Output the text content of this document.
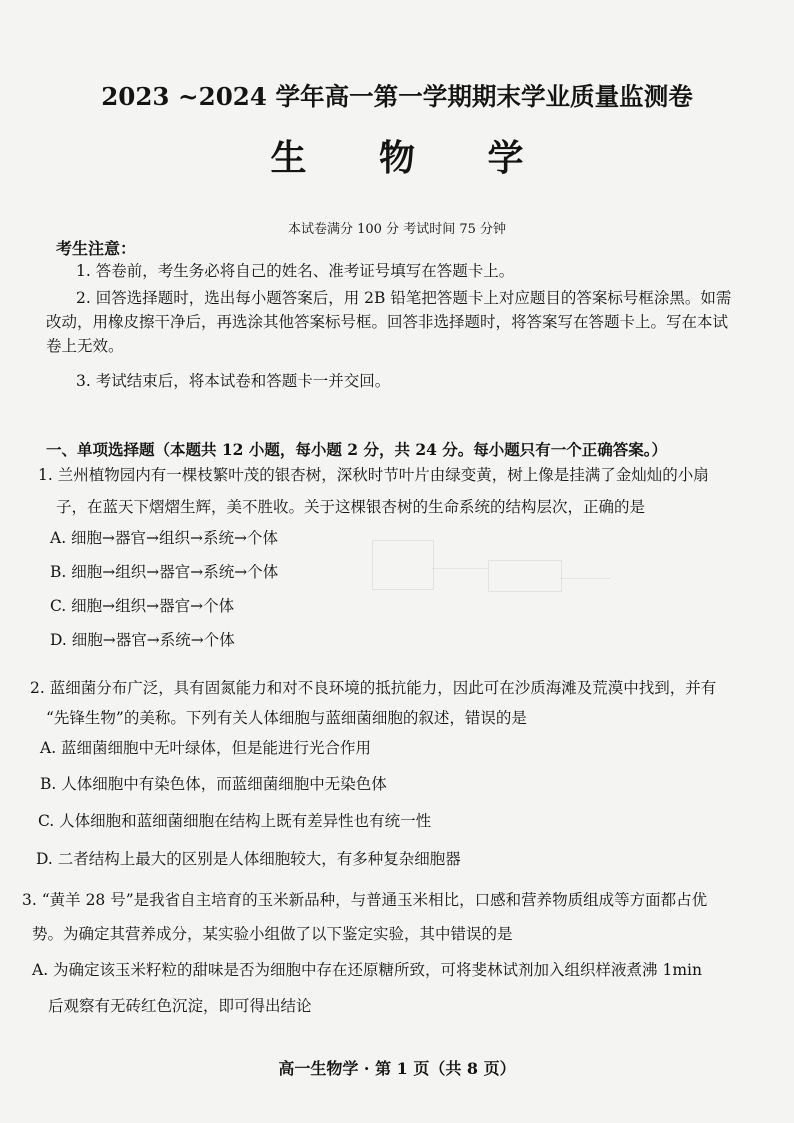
2023 ~2024 学年高一第一学期期末学业质量监测卷
生 物 学
本试卷满分 100 分 考试时间 75 分钟
考生注意：
1. 答卷前，考生务必将自己的姓名、准考证号填写在答题卡上。
2. 回答选择题时，选出每小题答案后，用 2B 铅笔把答题卡上对应题目的答案标号框涂黑。如需
改动，用橡皮擦干净后，再选涂其他答案标号框。回答非选择题时，将答案写在答题卡上。写在本试
卷上无效。
3. 考试结束后，将本试卷和答题卡一并交回。
一、单项选择题（本题共 12 小题，每小题 2 分，共 24 分。每小题只有一个正确答案。）
1. 兰州植物园内有一棵枝繁叶茂的银杏树，深秋时节叶片由绿变黄，树上像是挂满了金灿灿的小扇
子，在蓝天下熠熠生辉，美不胜收。关于这棵银杏树的生命系统的结构层次，正确的是
A. 细胞→器官→组织→系统→个体
B. 细胞→组织→器官→系统→个体
C. 细胞→组织→器官→个体
D. 细胞→器官→系统→个体
2. 蓝细菌分布广泛，具有固氮能力和对不良环境的抵抗能力，因此可在沙质海滩及荒漠中找到，并有
“先锋生物”的美称。下列有关人体细胞与蓝细菌细胞的叙述，错误的是
A. 蓝细菌细胞中无叶绿体，但是能进行光合作用
B. 人体细胞中有染色体，而蓝细菌细胞中无染色体
C. 人体细胞和蓝细菌细胞在结构上既有差异性也有统一性
D. 二者结构上最大的区别是人体细胞较大，有多种复杂细胞器
3. “黄羊 28 号”是我省自主培育的玉米新品种，与普通玉米相比，口感和营养物质组成等方面都占优
势。为确定其营养成分，某实验小组做了以下鉴定实验，其中错误的是
A. 为确定该玉米籽粒的甜味是否为细胞中存在还原糖所致，可将斐林试剂加入组织样液煮沸 1min
后观察有无砖红色沉淀，即可得出结论
高一生物学 · 第 1 页（共 8 页）
